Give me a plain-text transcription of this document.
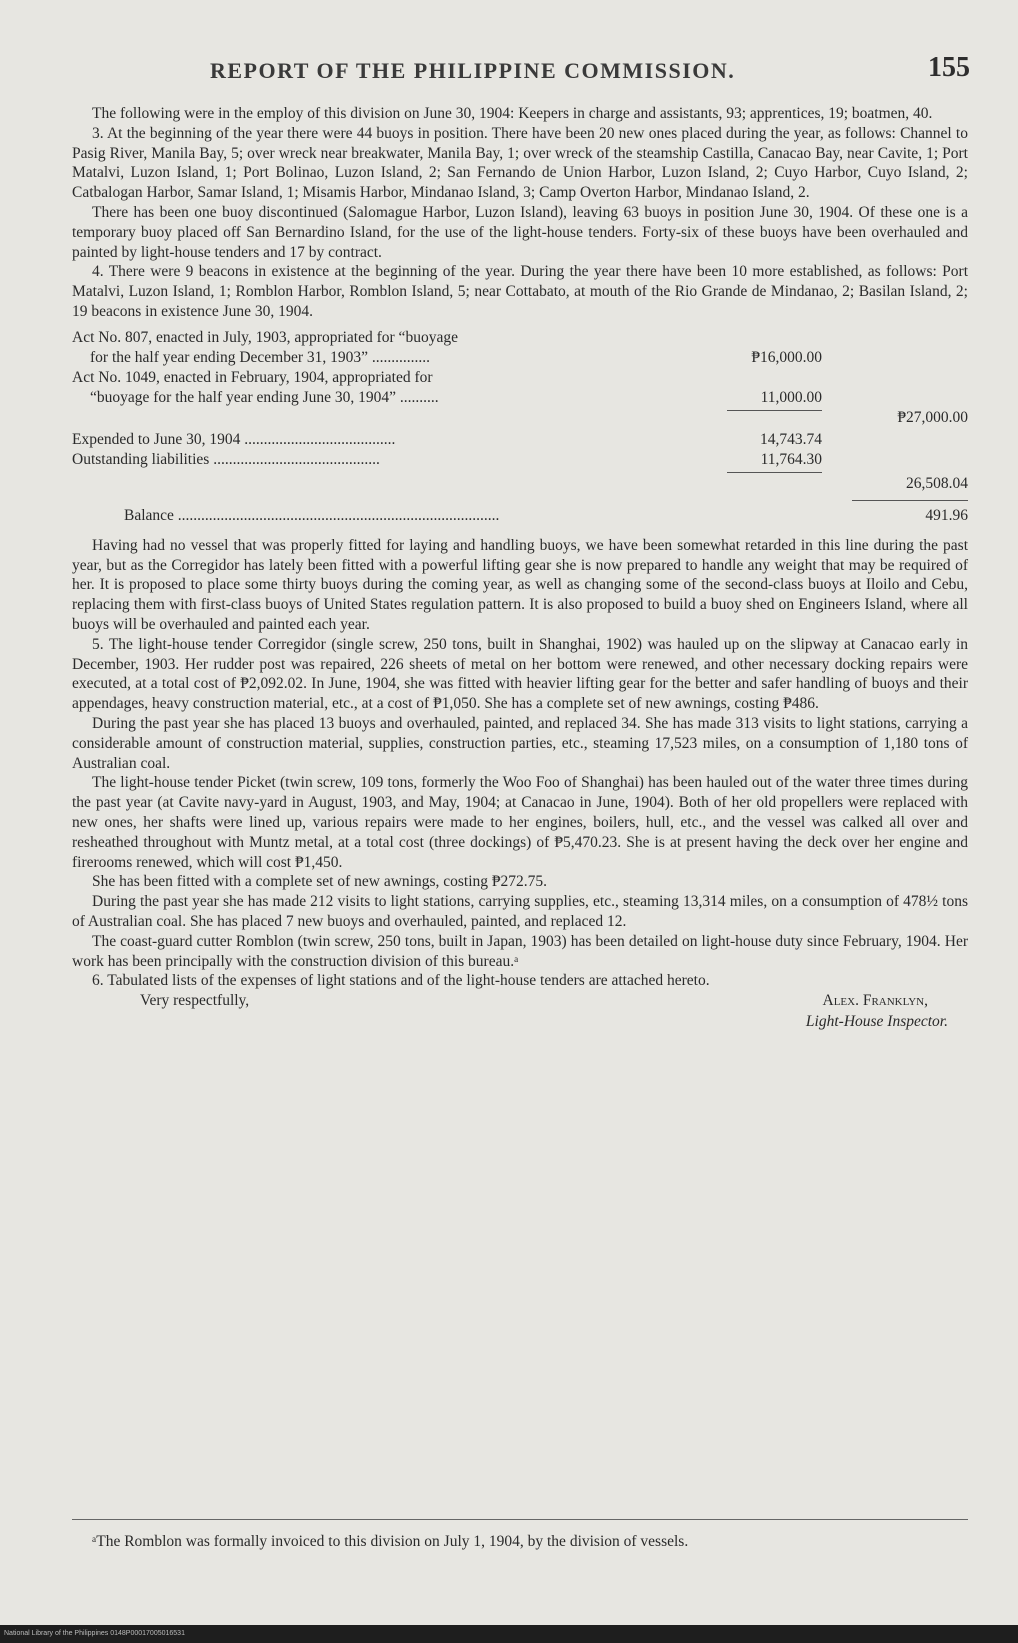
REPORT OF THE PHILIPPINE COMMISSION.	155

The following were in the employ of this division on June 30, 1904: Keepers in charge and assistants, 93; apprentices, 19; boatmen, 40.

3. At the beginning of the year there were 44 buoys in position. There have been 20 new ones placed during the year, as follows: Channel to Pasig River, Manila Bay, 5; over wreck near breakwater, Manila Bay, 1; over wreck of the steamship Castilla, Canacao Bay, near Cavite, 1; Port Matalvi, Luzon Island, 1; Port Bolinao, Luzon Island, 2; San Fernando de Union Harbor, Luzon Island, 2; Cuyo Harbor, Cuyo Island, 2; Catbalogan Harbor, Samar Island, 1; Misamis Harbor, Mindanao Island, 3; Camp Overton Harbor, Mindanao Island, 2.

There has been one buoy discontinued (Salomague Harbor, Luzon Island), leaving 63 buoys in position June 30, 1904. Of these one is a temporary buoy placed off San Bernardino Island, for the use of the light-house tenders. Forty-six of these buoys have been overhauled and painted by light-house tenders and 17 by contract.

4. There were 9 beacons in existence at the beginning of the year. During the year there have been 10 more established, as follows: Port Matalvi, Luzon Island, 1; Romblon Harbor, Romblon Island, 5; near Cottabato, at mouth of the Rio Grande de Mindanao, 2; Basilan Island, 2; 19 beacons in existence June 30, 1904.

Act No. 807, enacted in July, 1903, appropriated for “buoyage
for the half year ending December 31, 1903” ...............	₱16,000.00
Act No. 1049, enacted in February, 1904, appropriated for
“buoyage for the half year ending June 30, 1904” ..........	11,000.00
₱27,000.00
Expended to June 30, 1904 .......................................	14,743.74
Outstanding liabilities ...........................................	11,764.30
26,508.04
Balance ...................................................................................	491.96

Having had no vessel that was properly fitted for laying and handling buoys, we have been somewhat retarded in this line during the past year, but as the Corregidor has lately been fitted with a powerful lifting gear she is now prepared to handle any weight that may be required of her. It is proposed to place some thirty buoys during the coming year, as well as changing some of the second-class buoys at Iloilo and Cebu, replacing them with first-class buoys of United States regulation pattern. It is also proposed to build a buoy shed on Engineers Island, where all buoys will be overhauled and painted each year.

5. The light-house tender Corregidor (single screw, 250 tons, built in Shanghai, 1902) was hauled up on the slipway at Canacao early in December, 1903. Her rudder post was repaired, 226 sheets of metal on her bottom were renewed, and other necessary docking repairs were executed, at a total cost of ₱2,092.02. In June, 1904, she was fitted with heavier lifting gear for the better and safer handling of buoys and their appendages, heavy construction material, etc., at a cost of ₱1,050. She has a complete set of new awnings, costing ₱486.

During the past year she has placed 13 buoys and overhauled, painted, and replaced 34. She has made 313 visits to light stations, carrying a considerable amount of construction material, supplies, construction parties, etc., steaming 17,523 miles, on a consumption of 1,180 tons of Australian coal.

The light-house tender Picket (twin screw, 109 tons, formerly the Woo Foo of Shanghai) has been hauled out of the water three times during the past year (at Cavite navy-yard in August, 1903, and May, 1904; at Canacao in June, 1904). Both of her old propellers were replaced with new ones, her shafts were lined up, various repairs were made to her engines, boilers, hull, etc., and the vessel was calked all over and resheathed throughout with Muntz metal, at a total cost (three dockings) of ₱5,470.23. She is at present having the deck over her engine and firerooms renewed, which will cost ₱1,450.

She has been fitted with a complete set of new awnings, costing ₱272.75.

During the past year she has made 212 visits to light stations, carrying supplies, etc., steaming 13,314 miles, on a consumption of 478½ tons of Australian coal. She has placed 7 new buoys and overhauled, painted, and replaced 12.

The coast-guard cutter Romblon (twin screw, 250 tons, built in Japan, 1903) has been detailed on light-house duty since February, 1904. Her work has been principally with the construction division of this bureau.ᵃ

6. Tabulated lists of the expenses of light stations and of the light-house tenders are attached hereto.

Very respectfully,	Alex. Franklyn,
Light-House Inspector.
ᵃThe Romblon was formally invoiced to this division on July 1, 1904, by the division of vessels.
National Library of the Philippines 0148P00017005016531
